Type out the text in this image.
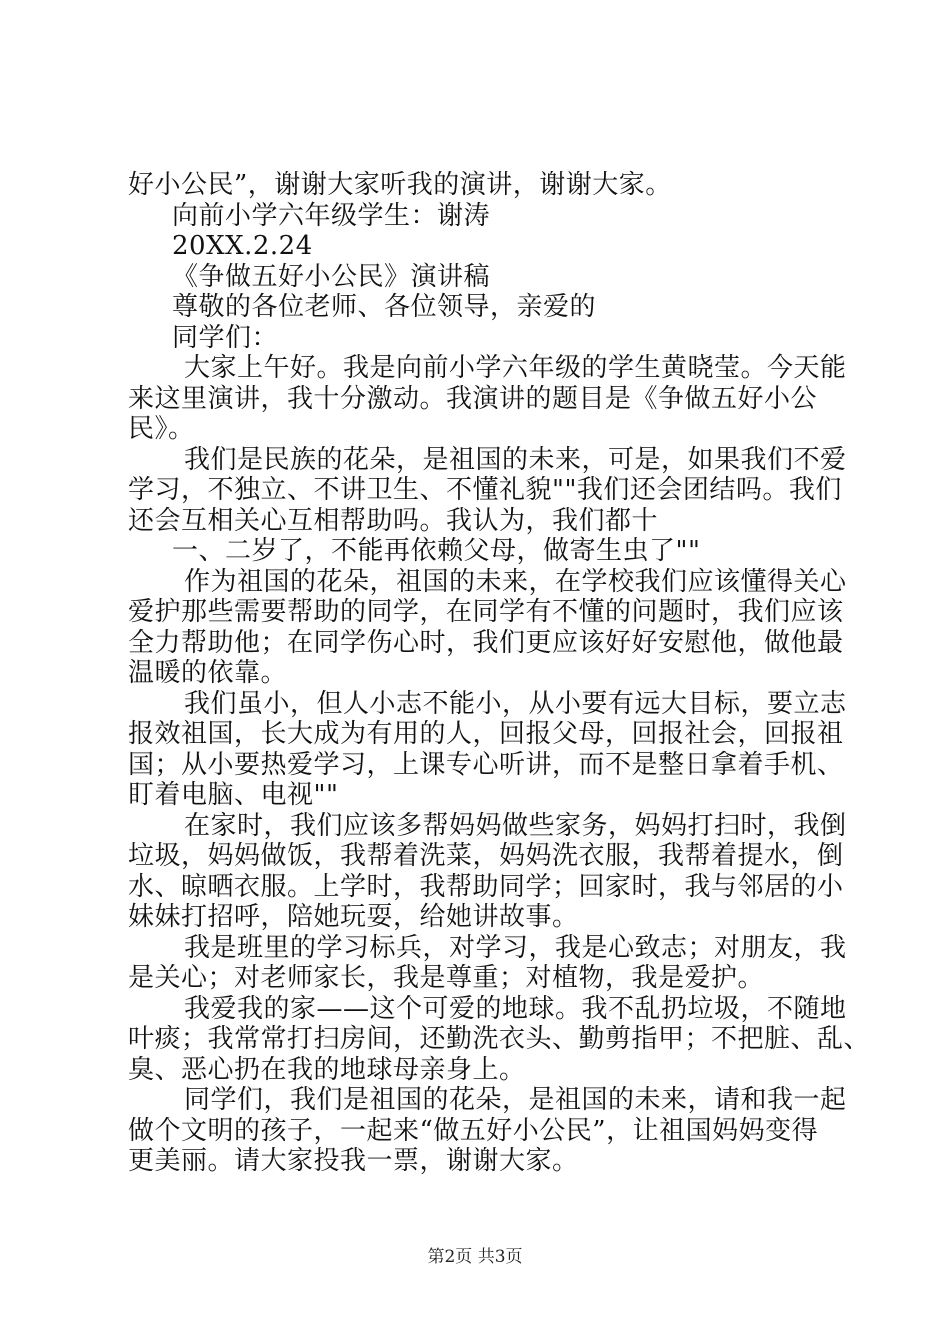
好小公民”，谢谢大家听我的演讲，谢谢大家。
向前小学六年级学生：谢涛
20XX.2.24
《争做五好小公民》演讲稿
尊敬的各位老师、各位领导，亲爱的
同学们：
大家上午好。我是向前小学六年级的学生黄晓莹。今天能
来这里演讲，我十分激动。我演讲的题目是《争做五好小公
民》。
我们是民族的花朵，是祖国的未来，可是，如果我们不爱
学习，不独立、不讲卫生、不懂礼貌""我们还会团结吗。我们
还会互相关心互相帮助吗。我认为，我们都十
一、二岁了，不能再依赖父母，做寄生虫了""
作为祖国的花朵，祖国的未来，在学校我们应该懂得关心
爱护那些需要帮助的同学，在同学有不懂的问题时，我们应该
全力帮助他；在同学伤心时，我们更应该好好安慰他，做他最
温暖的依靠。
我们虽小，但人小志不能小，从小要有远大目标，要立志
报效祖国，长大成为有用的人，回报父母，回报社会，回报祖
国；从小要热爱学习，上课专心听讲，而不是整日拿着手机、
盯着电脑、电视""
在家时，我们应该多帮妈妈做些家务，妈妈打扫时，我倒
垃圾，妈妈做饭，我帮着洗菜，妈妈洗衣服，我帮着提水，倒
水、晾晒衣服。上学时，我帮助同学；回家时，我与邻居的小
妹妹打招呼，陪她玩耍，给她讲故事。
我是班里的学习标兵，对学习，我是心致志；对朋友，我
是关心；对老师家长，我是尊重；对植物，我是爱护。
我爱我的家——这个可爱的地球。我不乱扔垃圾，不随地
叶痰；我常常打扫房间，还勤洗衣头、勤剪指甲；不把脏、乱、
臭、恶心扔在我的地球母亲身上。
同学们，我们是祖国的花朵，是祖国的未来，请和我一起
做个文明的孩子，一起来“做五好小公民”，让祖国妈妈变得
更美丽。请大家投我一票，谢谢大家。
第2页 共3页
